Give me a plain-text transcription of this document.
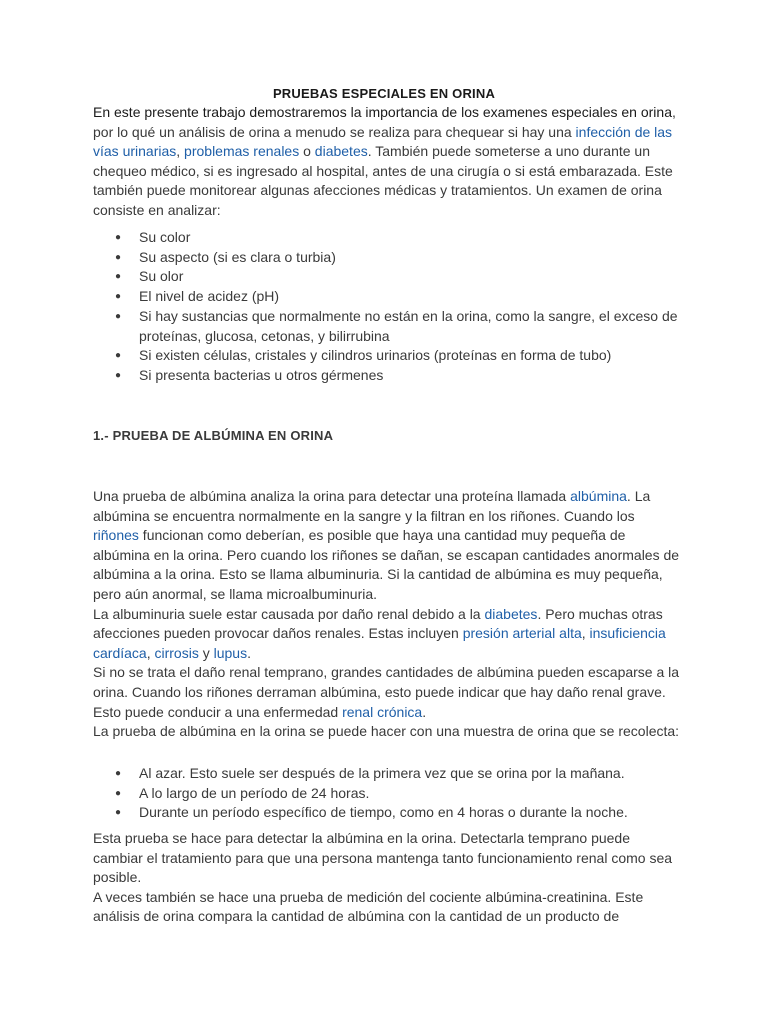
PRUEBAS ESPECIALES EN ORINA
En este presente trabajo demostraremos la importancia de los examenes especiales en orina, por lo qué un análisis de orina a menudo se realiza para chequear si hay una infección de las vías urinarias, problemas renales o diabetes. También puede someterse a uno durante un chequeo médico, si es ingresado al hospital, antes de una cirugía o si está embarazada. Este también puede monitorear algunas afecciones médicas y tratamientos. Un examen de orina consiste en analizar:
● Su color
● Su aspecto (si es clara o turbia)
● Su olor
● El nivel de acidez (pH)
● Si hay sustancias que normalmente no están en la orina, como la sangre, el exceso de proteínas, glucosa, cetonas, y bilirrubina
● Si existen células, cristales y cilindros urinarios (proteínas en forma de tubo)
● Si presenta bacterias u otros gérmenes
1.- PRUEBA DE ALBÚMINA EN ORINA

Una prueba de albúmina analiza la orina para detectar una proteína llamada albúmina. La albúmina se encuentra normalmente en la sangre y la filtran en los riñones. Cuando los riñones funcionan como deberían, es posible que haya una cantidad muy pequeña de albúmina en la orina. Pero cuando los riñones se dañan, se escapan cantidades anormales de albúmina a la orina. Esto se llama albuminuria. Si la cantidad de albúmina es muy pequeña, pero aún anormal, se llama microalbuminuria.

La albuminuria suele estar causada por daño renal debido a la diabetes. Pero muchas otras afecciones pueden provocar daños renales. Estas incluyen presión arterial alta, insuficiencia cardíaca, cirrosis y lupus.

Si no se trata el daño renal temprano, grandes cantidades de albúmina pueden escaparse a la orina. Cuando los riñones derraman albúmina, esto puede indicar que hay daño renal grave. Esto puede conducir a una enfermedad renal crónica.

La prueba de albúmina en la orina se puede hacer con una muestra de orina que se recolecta:

● Al azar. Esto suele ser después de la primera vez que se orina por la mañana.
● A lo largo de un período de 24 horas.
● Durante un período específico de tiempo, como en 4 horas o durante la noche.

Esta prueba se hace para detectar la albúmina en la orina. Detectarla temprano puede cambiar el tratamiento para que una persona mantenga tanto funcionamiento renal como sea posible.

A veces también se hace una prueba de medición del cociente albúmina-creatinina. Este análisis de orina compara la cantidad de albúmina con la cantidad de un producto de
